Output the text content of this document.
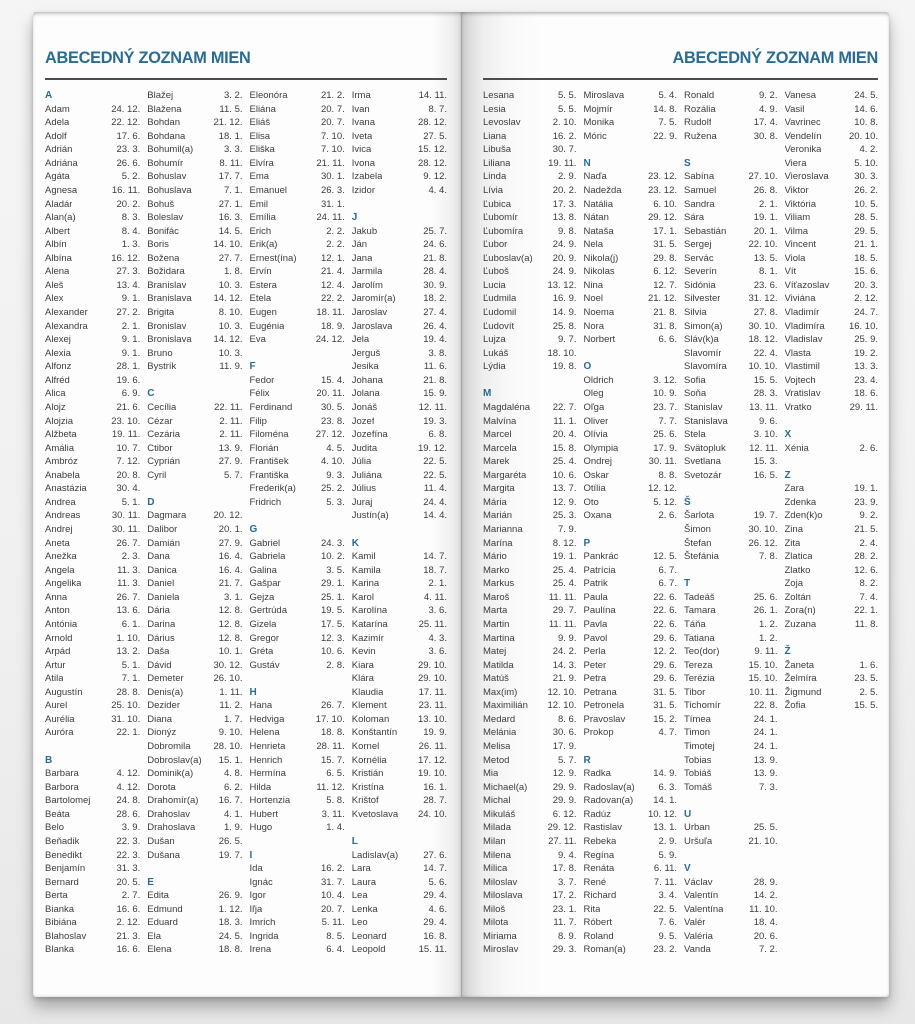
ABECEDNÝ ZOZNAM MIEN
A
Adam	24. 12.
Adela	22. 12.
Adolf	17. 6.
Adrián	23. 3.
Adriána	26. 6.
Agáta	5. 2.
Agnesa	16. 11.
Aladár	20. 2.
Alan(a)	8. 3.
Albert	8. 4.
Albín	1. 3.
Albína	16. 12.
Alena	27. 3.
Aleš	13. 4.
Alex	9. 1.
Alexander	27. 2.
Alexandra	2. 1.
Alexej	9. 1.
Alexia	9. 1.
Alfonz	28. 1.
Alfréd	19. 6.
Alica	6. 9.
Alojz	21. 6.
Alojzia	23. 10.
Alžbeta	19. 11.
Amália	10. 7.
Ambróz	7. 12.
Anabela	20. 8.
Anastázia	30. 4.
Andrea	5. 1.
Andreas	30. 11.
Andrej	30. 11.
Aneta	26. 7.
Anežka	2. 3.
Angela	11. 3.
Angelika	11. 3.
Anna	26. 7.
Anton	13. 6.
Antónia	6. 1.
Arnold	1. 10.
Arpád	13. 2.
Artur	5. 1.
Atila	7. 1.
Augustín	28. 8.
Aurel	25. 10.
Aurélia	31. 10.
Auróra	22. 1.
B
Barbara	4. 12.
Barbora	4. 12.
Bartolomej	24. 8.
Beáta	28. 6.
Belo	3. 9.
Beňadik	22. 3.
Benedikt	22. 3.
Benjamín	31. 3.
Bernard	20. 5.
Berta	2. 7.
Bianka	16. 6.
Bibiána	2. 12.
Blahoslav	21. 3.
Blanka	16. 6.
Blažej	3. 2.
Blažena	11. 5.
Bohdan	21. 12.
Bohdana	18. 1.
Bohumil(a)	3. 3.
Bohumír	8. 11.
Bohuslav	17. 7.
Bohuslava	7. 1.
Bohuš	27. 1.
Boleslav	16. 3.
Bonifác	14. 5.
Boris	14. 10.
Božena	27. 7.
Božidara	1. 8.
Branislav	10. 3.
Branislava 14. 12.
Brigita	8. 10.
Bronislav	10. 3.
Bronislava 14. 12.
Bruno	10. 3.
Bystrík	11. 9.
C
Cecília	22. 11.
Cézar	2. 11.
Cezária	2. 11.
Ctibor	13. 9.
Cyprián	27. 9.
Cyril	5. 7.
D
Dagmara	20. 12.
Dalibor	20. 1.
Damián	27. 9.
Dana	16. 4.
Danica	16. 4.
Daniel	21. 7.
Daniela	3. 1.
Dária	12. 8.
Darina	12. 8.
Dárius	12. 8.
Daša	10. 1.
Dávid	30. 12.
Demeter	26. 10.
Denis(a)	1. 11.
Dezider	11. 2.
Diana	1. 7.
Dionýz	9. 10.
Dobromila 28. 10.
Dobroslav(a) 15. 1.
Dominik(a)	4. 8.
Dorota	6. 2.
Drahomír(a) 16. 7.
Drahoslav	4. 1.
Drahoslava	1. 9.
Dušan	26. 5.
Dušana	19. 7.
E
Edita	26. 9.
Edmund	1. 12.
Eduard	18. 3.
Ela	24. 5.
Elena	18. 8.
Eleonóra	21. 2.
Eliána	20. 7.
Eliáš	20. 7.
Elisa	7. 10.
Eliška	7. 10.
Elvíra	21. 11.
Ema	30. 1.
Emanuel	26. 3.
Emil	31. 1.
Emília	24. 11.
Erich	2. 2.
Erik(a)	2. 2.
Ernest(ína)	12. 1.
Ervín	21. 4.
Estera	12. 4.
Etela	22. 2.
Eugen	18. 11.
Eugénia	18. 9.
Eva	24. 12.
F
Fedor	15. 4.
Félix	20. 11.
Ferdinand	30. 5.
Filip	23. 8.
Filoména	27. 12.
Florián	4. 5.
František	4. 10.
Františka	9. 3.
Frederik(a)	25. 2.
Fridrich	5. 3.
G
Gabriel	24. 3.
Gabriela	10. 2.
Galina	3. 5.
Gašpar	29. 1.
Gejza	25. 1.
Gertrúda	19. 5.
Gizela	17. 5.
Gregor	12. 3.
Gréta	10. 6.
Gustáv	2. 8.
H
Hana	26. 7.
Hedviga	17. 10.
Helena	18. 8.
Henrieta	28. 11.
Henrich	15. 7.
Hermína	6. 5.
Hilda	11. 12.
Hortenzia	5. 8.
Hubert	3. 11.
Hugo	1. 4.
I
Ida	16. 2.
Ignác	31. 7.
Igor	10. 4.
Iľja	20. 7.
Imrich	5. 11.
Ingrida	8. 5.
Irena	6. 4.
Irma	14. 11.
Ivan	8. 7.
Ivana	28. 12.
Iveta	27. 5.
Ivica	15. 12.
Ivona	28. 12.
Izabela	9. 12.
Izidor	4. 4.
J
Jakub	25. 7.
Ján	24. 6.
Jana	21. 8.
Jarmila	28. 4.
Jarolím	30. 9.
Jaromír(a)	18. 2.
Jaroslav	27. 4.
Jaroslava	26. 4.
Jela	19. 4.
Jerguš	3. 8.
Jesika	11. 6.
Johana	21. 8.
Jolana	15. 9.
Jonáš	12. 11.
Jozef	19. 3.
Jozefína	6. 8.
Judita	19. 12.
Júlia	22. 5.
Juliána	22. 5.
Július	11. 4.
Juraj	24. 4.
Justín(a)	14. 4.
K
Kamil	14. 7.
Kamila	18. 7.
Karina	2. 1.
Karol	4. 11.
Karolína	3. 6.
Katarína	25. 11.
Kazimír	4. 3.
Kevin	3. 6.
Kiara	29. 10.
Klára	29. 10.
Klaudia	17. 11.
Klement	23. 11.
Koloman	13. 10.
Konštantín	19. 9.
Kornel	26. 11.
Kornélia	17. 12.
Kristián	19. 10.
Kristína	16. 1.
Krištof	28. 7.
Kvetoslava 24. 10.
L
Ladislav(a)	27. 6.
Lara	14. 7.
Laura	5. 6.
Lea	29. 4.
Lenka	4. 6.
Leo	29. 4.
Leonard	16. 8.
Leopold	15. 11.
ABECEDNÝ ZOZNAM MIEN
Lesana	5. 5.
Lesia	5. 5.
Levoslav	2. 10.
Liana	16. 2.
Libuša	30. 7.
Liliana	19. 11.
Linda	2. 9.
Lívia	20. 2.
Ľubica	17. 3.
Ľubomír	13. 8.
Ľubomíra	9. 8.
Ľubor	24. 9.
Ľuboslav(a) 20. 9.
Ľuboš	24. 9.
Lucia	13. 12.
Ľudmila	16. 9.
Ľudomil	14. 9.
Ľudovít	25. 8.
Lujza	9. 7.
Lukáš	18. 10.
Lýdia	19. 8.
M
Magdaléna 22. 7.
Malvína	11. 1.
Marcel	20. 4.
Marcela	15. 8.
Marek	25. 4.
Margaréta	10. 6.
Margita	13. 7.
Mária	12. 9.
Marián	25. 3.
Marianna	7. 9.
Marína	8. 12.
Mário	19. 1.
Marko	25. 4.
Markus	25. 4.
Maroš	11. 11.
Marta	29. 7.
Martin	11. 11.
Martina	9. 9.
Matej	24. 2.
Matilda	14. 3.
Matúš	21. 9.
Max(im)	12. 10.
Maximilián 12. 10.
Medard	8. 6.
Melánia	30. 6.
Melisa	17. 9.
Metod	5. 7.
Mia	12. 9.
Michael(a)	29. 9.
Michal	29. 9.
Mikuláš	6. 12.
Milada	29. 12.
Milan	27. 11.
Milena	9. 4.
Milica	17. 8.
Miloslav	3. 7.
Miloslava	17. 2.
Miloš	23. 1.
Milota	11. 7.
Miriama	8. 9.
Miroslav	29. 3.
Miroslava	5. 4.
Mojmír	14. 8.
Monika	7. 5.
Móric	22. 9.
N
Naďa	23. 12.
Nadežda	23. 12.
Natália	6. 10.
Nátan	29. 12.
Nataša	17. 1.
Nela	31. 5.
Nikola(j)	29. 8.
Nikolas	6. 12.
Nina	12. 7.
Noel	21. 12.
Noema	21. 8.
Nora	31. 8.
Norbert	6. 6.
O
Oldrich	3. 12.
Oleg	10. 9.
Oľga	23. 7.
Oliver	7. 7.
Olívia	25. 6.
Olympia	17. 9.
Ondrej	30. 11.
Oskar	8. 8.
Otília	12. 12.
Oto	5. 12.
Oxana	2. 6.
P
Pankrác	12. 5.
Patrícia	6. 7.
Patrik	6. 7.
Paula	22. 6.
Paulína	22. 6.
Pavla	22. 6.
Pavol	29. 6.
Perla	12. 2.
Peter	29. 6.
Petra	29. 6.
Petrana	31. 5.
Petronela	31. 5.
Pravoslav	15. 2.
Prokop	4. 7.
R
Radka	14. 9.
Radoslav(a)	6. 3.
Radovan(a) 14. 1.
Radúz	10. 12.
Rastislav	13. 1.
Rebeka	2. 9.
Regína	5. 9.
Renáta	6. 11.
René	7. 11.
Richard	3. 4.
Rita	22. 5.
Róbert	7. 6.
Roland	9. 5.
Roman(a)	23. 2.
Ronald	9. 2.
Rozália	4. 9.
Rudolf	17. 4.
Ružena	30. 8.
S
Sabína	27. 10.
Samuel	26. 8.
Sandra	2. 1.
Sára	19. 1.
Sebastián	20. 1.
Sergej	22. 10.
Servác	13. 5.
Severín	8. 1.
Sidónia	23. 6.
Silvester	31. 12.
Silvia	27. 8.
Simon(a)	30. 10.
Sláv(k)a	18. 12.
Slavomír	22. 4.
Slavomíra 10. 10.
Sofia	15. 5.
Soňa	28. 3.
Stanislav	13. 11.
Stanislava	9. 6.
Stela	3. 10.
Svätopluk 12. 11.
Svetlana	15. 3.
Svetozár	16. 5.
Š
Šarlota	19. 7.
Šimon	30. 10.
Štefan	26. 12.
Štefánia	7. 8.
T
Tadeáš	25. 6.
Tamara	26. 1.
Táňa	1. 2.
Tatiana	1. 2.
Teo(dor)	9. 11.
Tereza	15. 10.
Terézia	15. 10.
Tibor	10. 11.
Tichomír	22. 8.
Tímea	24. 1.
Timon	24. 1.
Timotej	24. 1.
Tobias	13. 9.
Tobiáš	13. 9.
Tomáš	7. 3.
U
Urban	25. 5.
Uršuľa	21. 10.
V
Václav	28. 9.
Valentín	14. 2.
Valentína	11. 10.
Valér	18. 4.
Valéria	20. 6.
Vanda	7. 2.
Vanesa	24. 5.
Vasil	14. 6.
Vavrinec	10. 8.
Vendelín	20. 10.
Veronika	4. 2.
Viera	5. 10.
Vieroslava	30. 3.
Viktor	26. 2.
Viktória	10. 5.
Viliam	28. 5.
Vilma	29. 5.
Vincent	21. 1.
Viola	18. 5.
Vít	15. 6.
Víťazoslav	20. 3.
Viviána	2. 12.
Vladimír	24. 7.
Vladimíra	16. 10.
Vladislav	25. 9.
Vlasta	19. 2.
Vlastimil	13. 3.
Vojtech	23. 4.
Vratislav	18. 6.
Vratko	29. 11.
X
Xénia	2. 6.
Z
Zara	19. 1.
Zdenka	23. 9.
Zden(k)o	9. 2.
Zina	21. 5.
Zita	2. 4.
Zlatica	28. 2.
Zlatko	12. 6.
Zoja	8. 2.
Zoltán	7. 4.
Zora(n)	22. 1.
Zuzana	11. 8.
Ž
Žaneta	1. 6.
Želmíra	23. 5.
Žigmund	2. 5.
Žofia	15. 5.
